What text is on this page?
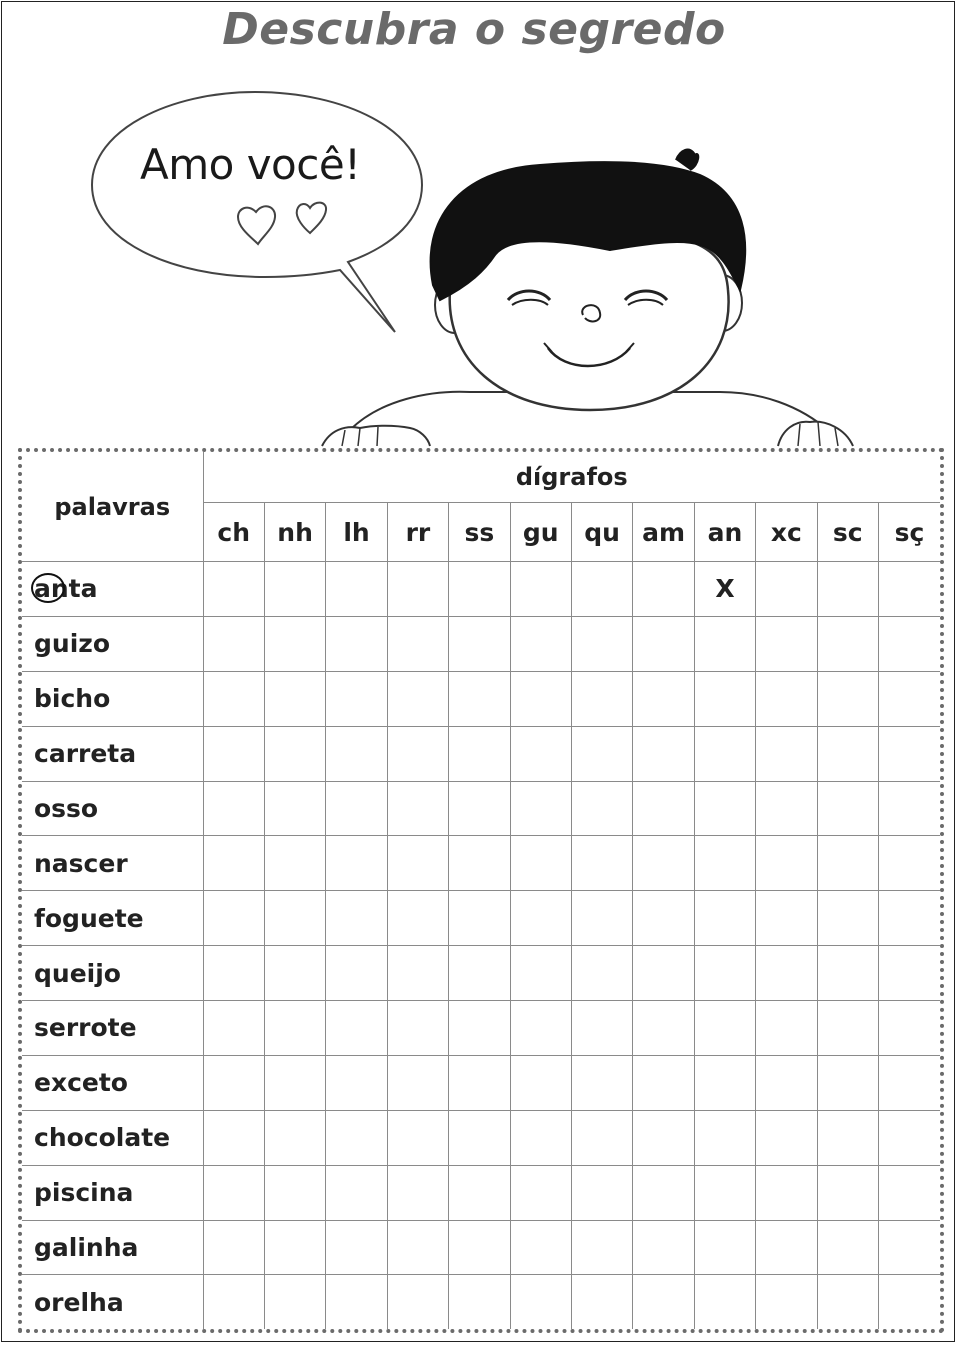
Descubra o segredo
Amo você!
palavras	dígrafos											
	ch	nh	lh	rr	ss	gu	qu	am	an	xc	sc	sç

anta									X			
guizo												
bicho												
carreta												
osso												
nascer												
foguete												
queijo												
serrote												
exceto												
chocolate												
piscina												
galinha												
orelha												
